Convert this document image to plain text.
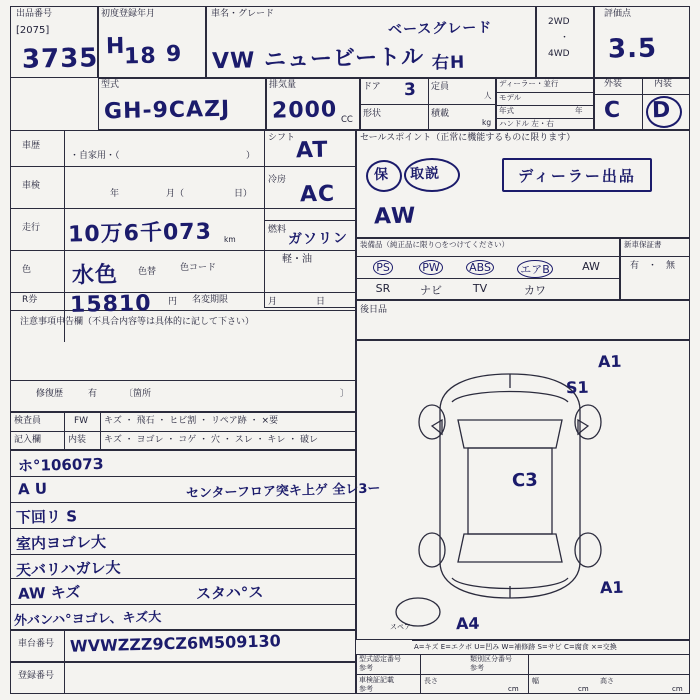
出品番号
[2075]
3735
初度登録年月
H
18 9
車名・グレード
ベースグレード
VW ニュービートル 右H
2WD
・
4WD
評価点
3.5
型式
GH-9CAZJ
排気量
2000 CC
ドア 3 定員
人
形状	積載
kg
ディーラー・並行
モデル
年式	年
ハンドル 左・右
外装	内装
C D
車歴
・自家用・（	）
車検
年	月（	日）
走行 10万6千073 km
色 水色 色替	色コード
R券 15810 円 名変期限	月	日
注意事項申告欄（不具合内容等は具体的に記して下さい）
修復歴	有	〔箇所	〕
シフト AT
冷房
AC
燃料
ガソリン
軽・油
AW
セールスポイント（正常に機能するものに限ります）
保 取説	ディーラー出品
装備品（純正品に限り○をつけてください）	新車保証書
PS	PW	ABS	エアB	AW
SR	ナビ	TV	カワ
有 ・ 無
後日品
検査員	FW キズ ・ 飛石 ・ ヒビ割 ・ リペア跡 ・ ×要
記入欄	内装 キズ ・ ヨゴレ ・ コゲ ・ 穴 ・ スレ ・ キレ ・ 破レ
ホ°10607З
A U
下回リ S
室内ヨゴレ大
天バリハガレ大
AW キズ
外バンハ°ヨゴレ、キズ大
センターフロア突キ上ゲ 全レ3ー
スタハ°ス
スペア
A1
S1
C3
A1
A4
A=キズ E=エクボ U=凹み W=補修跡 S=サビ C=腐食 ×=交換
型式認定番号
参考
類別区分番号
参考
車検証記載
参考
長さ
cm
幅
cm
高さ
cm
車台番号 WVWZZZ9CZ6M509130
登録番号
